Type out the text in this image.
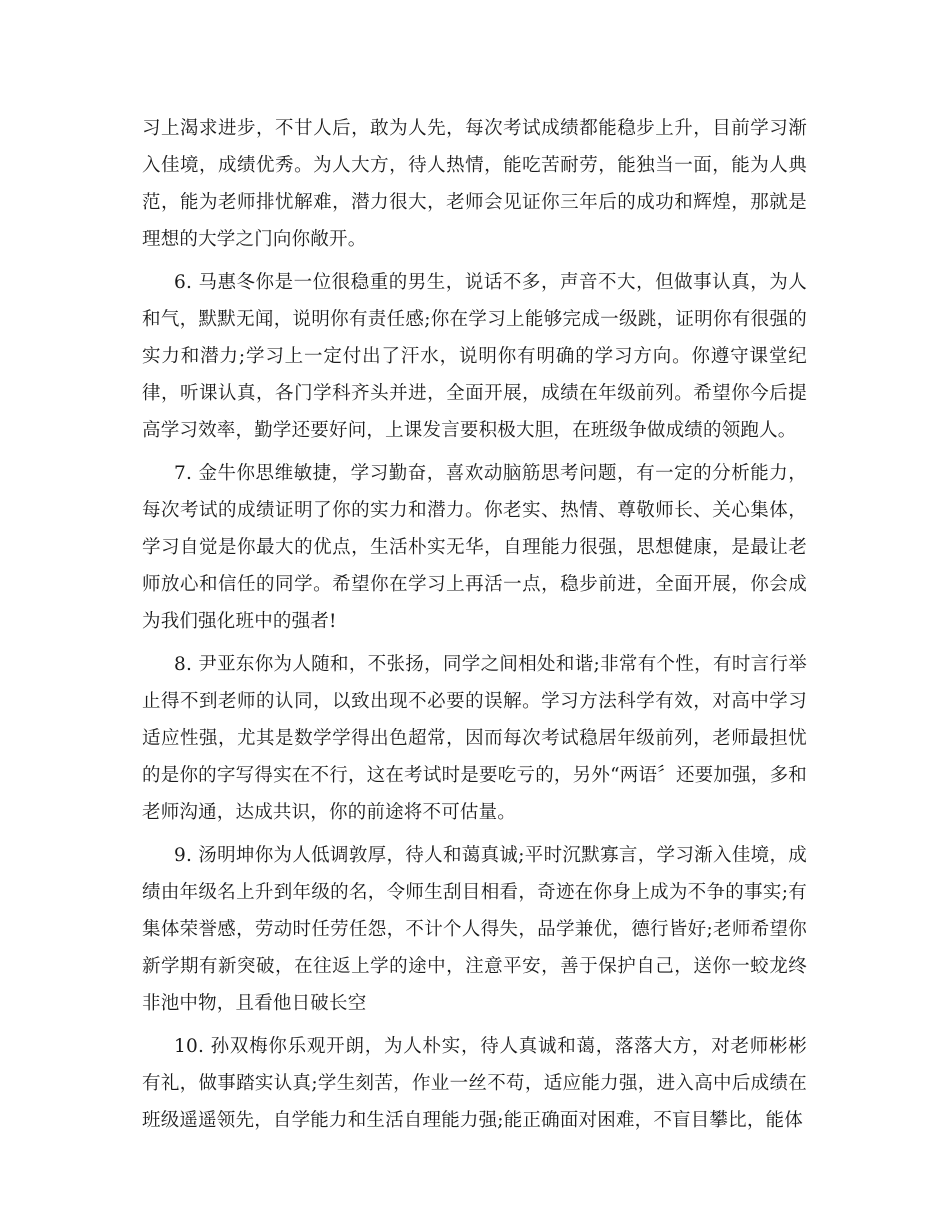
习上渴求进步，不甘人后，敢为人先，每次考试成绩都能稳步上升，目前学习渐入佳境，成绩优秀。为人大方，待人热情，能吃苦耐劳，能独当一面，能为人典范，能为老师排忧解难，潜力很大，老师会见证你三年后的成功和辉煌，那就是理想的大学之门向你敞开。

6. 马惠冬你是一位很稳重的男生，说话不多，声音不大，但做事认真，为人和气，默默无闻，说明你有责任感;你在学习上能够完成一级跳，证明你有很强的实力和潜力;学习上一定付出了汗水，说明你有明确的学习方向。你遵守课堂纪律，听课认真，各门学科齐头并进，全面开展，成绩在年级前列。希望你今后提高学习效率，勤学还要好问，上课发言要积极大胆，在班级争做成绩的领跑人。

7. 金牛你思维敏捷，学习勤奋，喜欢动脑筋思考问题，有一定的分析能力，每次考试的成绩证明了你的实力和潜力。你老实、热情、尊敬师长、关心集体，学习自觉是你最大的优点，生活朴实无华，自理能力很强，思想健康，是最让老师放心和信任的同学。希望你在学习上再活一点，稳步前进，全面开展，你会成为我们强化班中的强者!

8. 尹亚东你为人随和，不张扬，同学之间相处和谐;非常有个性，有时言行举止得不到老师的认同，以致出现不必要的误解。学习方法科学有效，对高中学习适应性强，尤其是数学学得出色超常，因而每次考试稳居年级前列，老师最担忧的是你的字写得实在不行，这在考试时是要吃亏的，另外“两语〞还要加强，多和老师沟通，达成共识，你的前途将不可估量。

9. 汤明坤你为人低调敦厚，待人和蔼真诚;平时沉默寡言，学习渐入佳境，成绩由年级名上升到年级的名，令师生刮目相看，奇迹在你身上成为不争的事实;有集体荣誉感，劳动时任劳任怨，不计个人得失，品学兼优，德行皆好;老师希望你新学期有新突破，在往返上学的途中，注意平安，善于保护自己，送你一蛟龙终非池中物，且看他日破长空

10. 孙双梅你乐观开朗，为人朴实，待人真诚和蔼，落落大方，对老师彬彬有礼，做事踏实认真;学生刻苦，作业一丝不苟，适应能力强，进入高中后成绩在班级遥遥领先，自学能力和生活自理能力强;能正确面对困难，不盲目攀比，能体
